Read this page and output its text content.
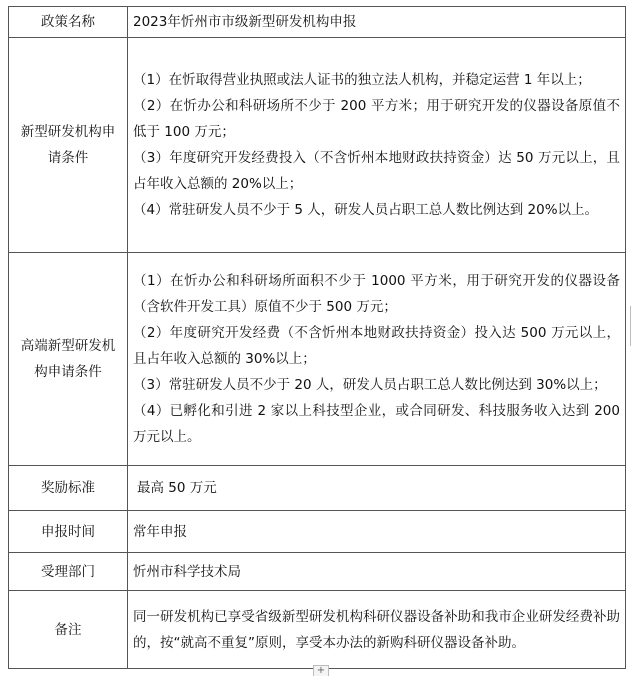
政策名称	2023年忻州市市级新型研发机构申报
新型研发机构申请条件	（1）在忻取得营业执照或法人证书的独立法人机构，并稳定运营 1 年以上；
（2）在忻办公和科研场所不少于 200 平方米；用于研究开发的仪器设备原值不低于 100 万元；
（3）年度研究开发经费投入（不含忻州本地财政扶持资金）达 50 万元以上，且占年收入总额的 20%以上；
（4）常驻研发人员不少于 5 人，研发人员占职工总人数比例达到 20%以上。

高端新型研发机构申请条件	（1）在忻办公和科研场所面积不少于 1000 平方米，用于研究开发的仪器设备（含软件开发工具）原值不少于 500 万元；
（2）年度研究开发经费（不含忻州本地财政扶持资金）投入达 500 万元以上，且占年收入总额的 30%以上；
（3）常驻研发人员不少于 20 人，研发人员占职工总人数比例达到 30%以上；
（4）已孵化和引进 2 家以上科技型企业，或合同研发、科技服务收入达到 200 万元以上。

奖励标准	最高 50 万元
申报时间	常年申报
受理部门	忻州市科学技术局
备注	同一研发机构已享受省级新型研发机构科研仪器设备补助和我市企业研发经费补助的，按“就高不重复”原则，享受本办法的新购科研仪器设备补助。
+
